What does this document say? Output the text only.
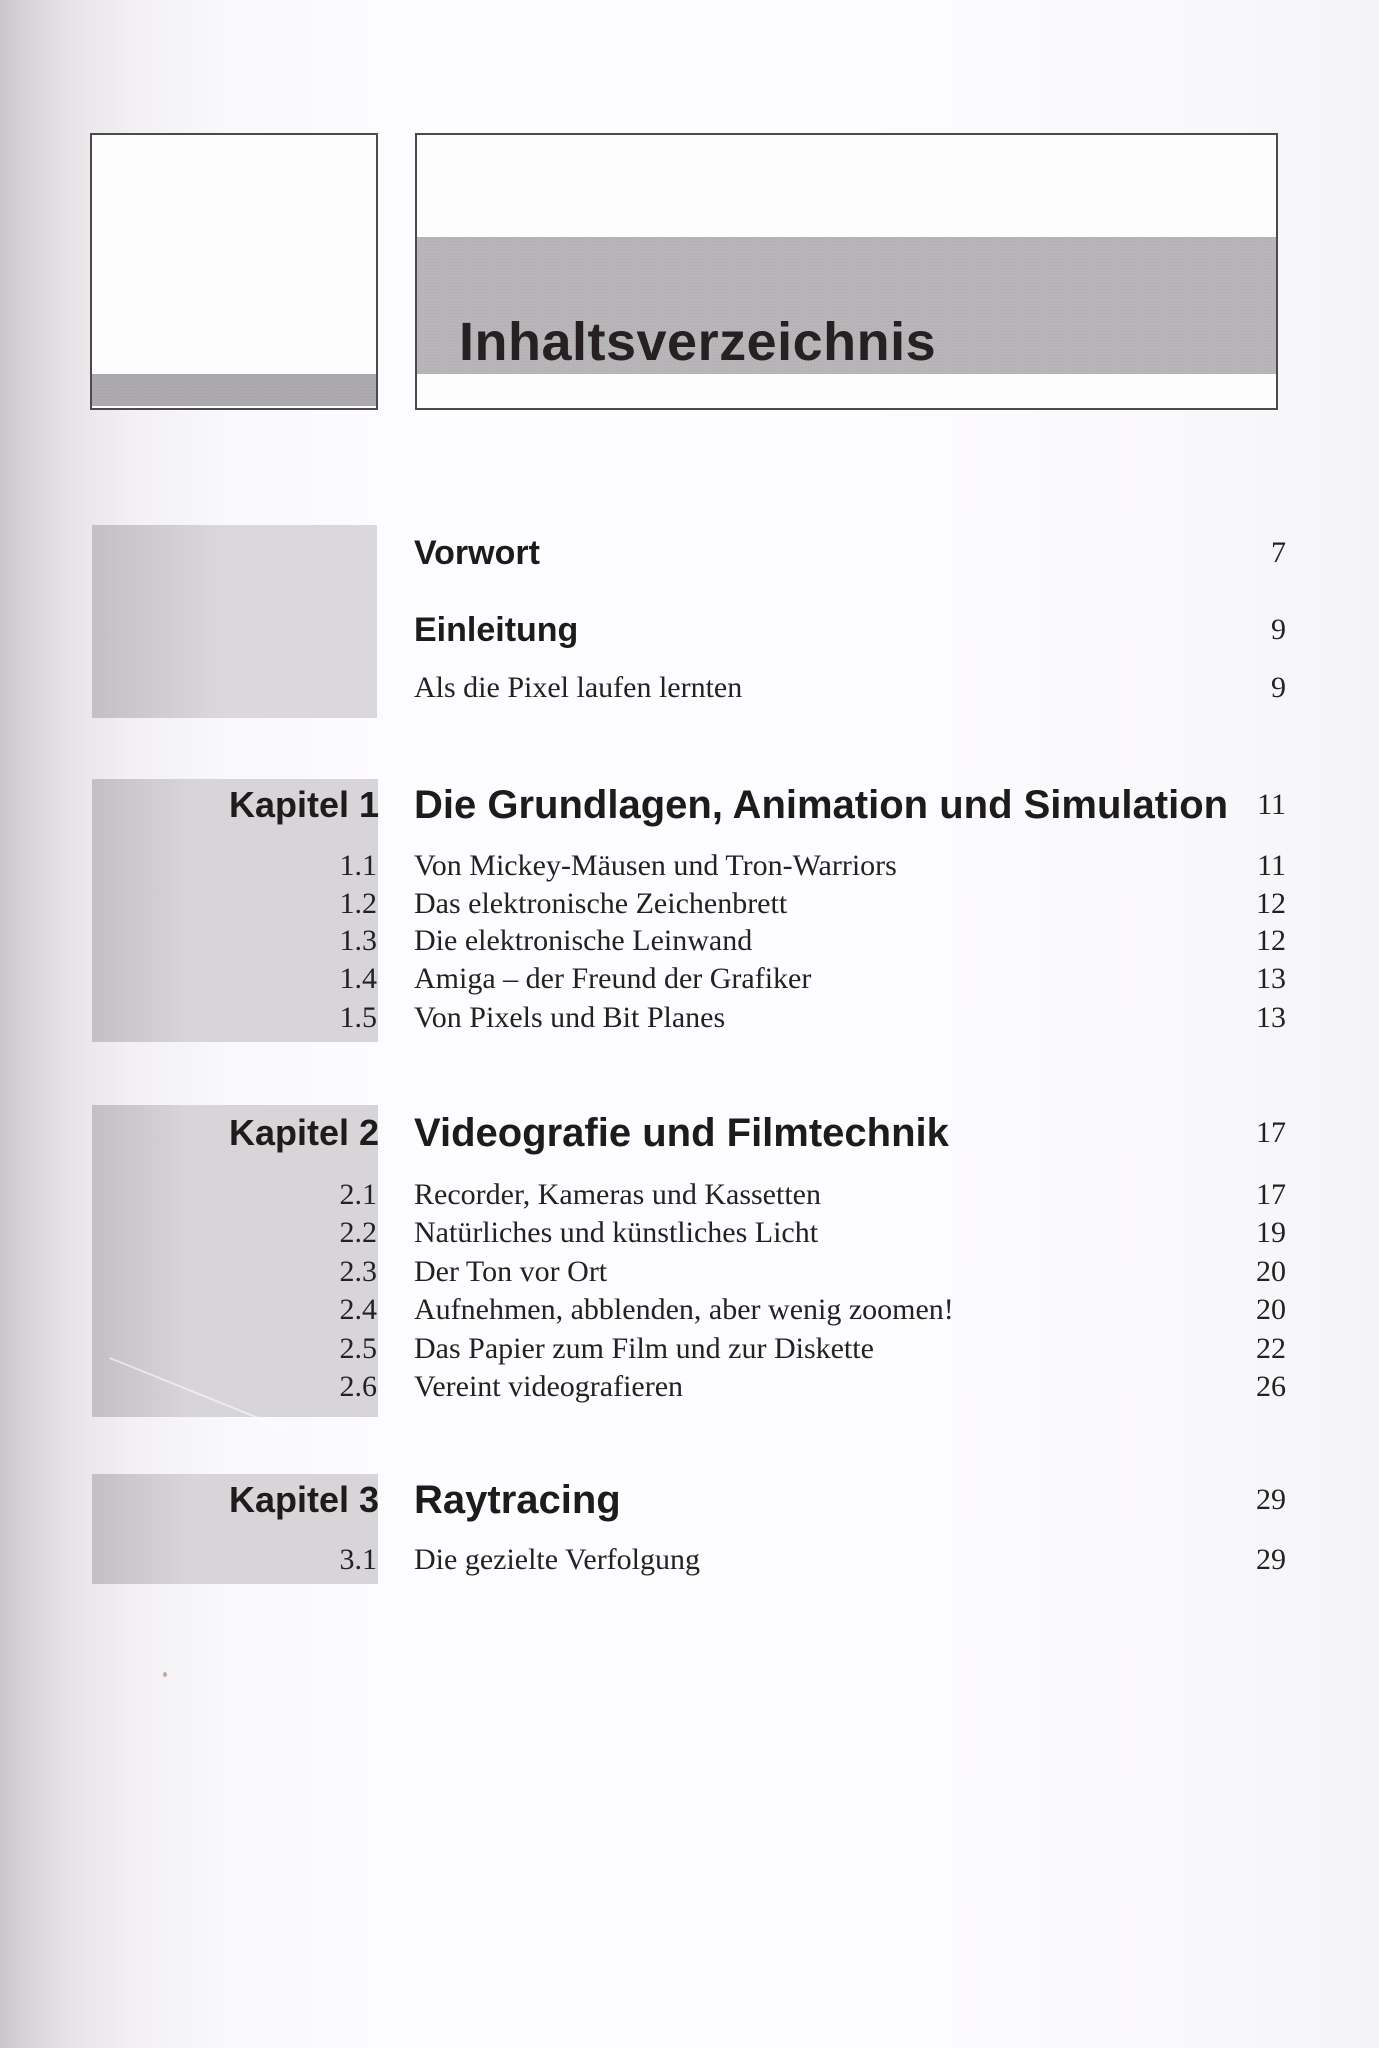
Inhaltsverzeichnis
Vorwort	7
Einleitung	9
Als die Pixel laufen lernten	9
Kapitel 1 Die Grundlagen, Animation und Simulation 11
1.1 Von Mickey-Mäusen und Tron-Warriors	11
1.2 Das elektronische Zeichenbrett	12
1.3 Die elektronische Leinwand	12
1.4 Amiga – der Freund der Grafiker	13
1.5 Von Pixels und Bit Planes	13
Kapitel 2 Videografie und Filmtechnik	17
2.1 Recorder, Kameras und Kassetten	17
2.2 Natürliches und künstliches Licht	19
2.3 Der Ton vor Ort	20
2.4 Aufnehmen, abblenden, aber wenig zoomen!	20
2.5 Das Papier zum Film und zur Diskette	22
2.6 Vereint videografieren	26
Kapitel 3 Raytracing	29
3.1 Die gezielte Verfolgung	29
